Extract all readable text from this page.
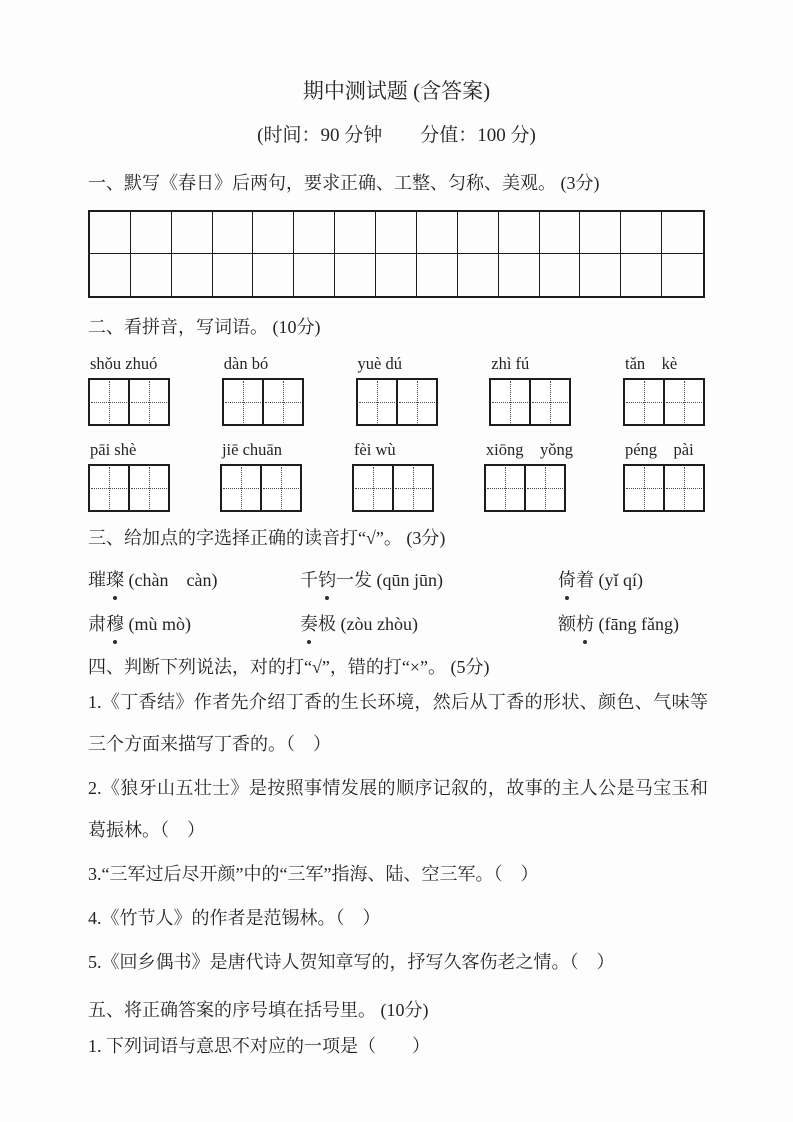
期中测试题 (含答案)
(时间：90 分钟　　分值：100 分)
一、默写《春日》后两句，要求正确、工整、匀称、美观。 (3分)
二、看拼音，写词语。 (10分)
shǒu zhuó	dàn bó	yuè dú	zhì fú	tǎn　kè
pāi shè	jiē chuān	fèi wù	xiōng　yǒng	péng　pài
三、给加点的字选择正确的读音打“√”。 (3分)
璀璨 (chàn　càn)	千钧一发 (qūn jūn)	倚着 (yǐ qí)
肃穆 (mù mò)	奏极 (zòu zhòu)	额枋 (fāng fǎng)
四、判断下列说法，对的打“√”，错的打“×”。 (5分)

1.《丁香结》作者先介绍丁香的生长环境，然后从丁香的形状、颜色、气味等三个方面来描写丁香的。（　）

2.《狼牙山五壮士》是按照事情发展的顺序记叙的，故事的主人公是马宝玉和葛振林。（　）

3.“三军过后尽开颜”中的“三军”指海、陆、空三军。（　）

4.《竹节人》的作者是范锡林。（　）

5.《回乡偶书》是唐代诗人贺知章写的，抒写久客伤老之情。（　）

五、将正确答案的序号填在括号里。 (10分)

1. 下列词语与意思不对应的一项是（　　）
